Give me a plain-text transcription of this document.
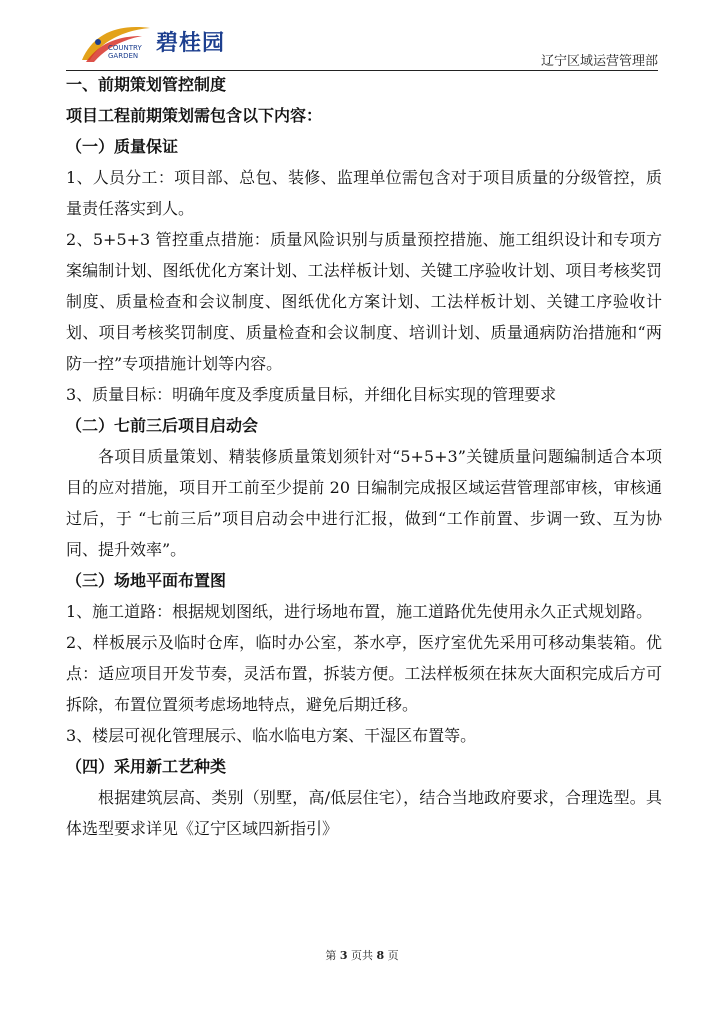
COUNTRY
GARDEN 碧桂园
辽宁区域运营管理部

一、前期策划管控制度

项目工程前期策划需包含以下内容：

（一）质量保证

1、人员分工：项目部、总包、装修、监理单位需包含对于项目质量的分级管控，质量责任落实到人。

2、5+5+3 管控重点措施：质量风险识别与质量预控措施、施工组织设计和专项方案编制计划、图纸优化方案计划、工法样板计划、关键工序验收计划、项目考核奖罚制度、质量检查和会议制度、图纸优化方案计划、工法样板计划、关键工序验收计划、项目考核奖罚制度、质量检查和会议制度、培训计划、质量通病防治措施和“两防一控”专项措施计划等内容。

3、质量目标：明确年度及季度质量目标，并细化目标实现的管理要求

（二）七前三后项目启动会

各项目质量策划、精装修质量策划须针对“5+5+3”关键质量问题编制适合本项目的应对措施，项目开工前至少提前 20 日编制完成报区域运营管理部审核，审核通过后，于 “七前三后”项目启动会中进行汇报，做到“工作前置、步调一致、互为协同、提升效率”。

（三）场地平面布置图

1、施工道路：根据规划图纸，进行场地布置，施工道路优先使用永久正式规划路。

2、样板展示及临时仓库，临时办公室，茶水亭，医疗室优先采用可移动集装箱。优点：适应项目开发节奏，灵活布置，拆装方便。工法样板须在抹灰大面积完成后方可拆除，布置位置须考虑场地特点，避免后期迁移。

3、楼层可视化管理展示、临水临电方案、干湿区布置等。

（四）采用新工艺种类

根据建筑层高、类别（别墅，高/低层住宅），结合当地政府要求，合理选型。具体选型要求详见《辽宁区域四新指引》

第 3 页共 8 页
